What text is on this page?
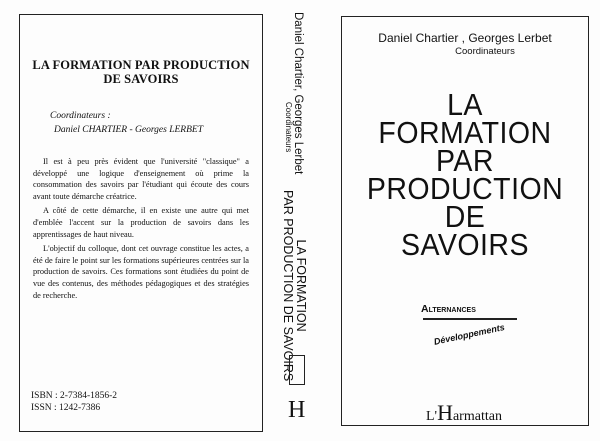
LA FORMATION PAR PRODUCTION
DE SAVOIRS
Coordinateurs :
Daniel CHARTIER - Georges LERBET

Il est à peu près évident que l'université "classique" a développé une logique d'enseignement où prime la consommation des savoirs par l'étudiant qui écoute des cours avant toute démarche créatrice.

A côté de cette démarche, il en existe une autre qui met d'emblée l'accent sur la production de savoirs dans les apprentissages de haut niveau.

L'objectif du colloque, dont cet ouvrage constitue les actes, a été de faire le point sur les formations supérieures centrées sur la production de savoirs. Ces formations sont étudiées du point de vue des contenus, des méthodes pédagogiques et des stratégies de recherche.

ISBN : 2-7384-1856-2
ISSN : 1242-7386
Daniel Chartier, Georges Lerbet
Coordinateurs
LA FORMATION
PAR PRODUCTION DE SAVOIRS
H
Daniel Chartier , Georges Lerbet
Coordinateurs
LA
FORMATION
PAR
PRODUCTION
DE
SAVOIRS
Alternances
Développements
L'Harmattan
